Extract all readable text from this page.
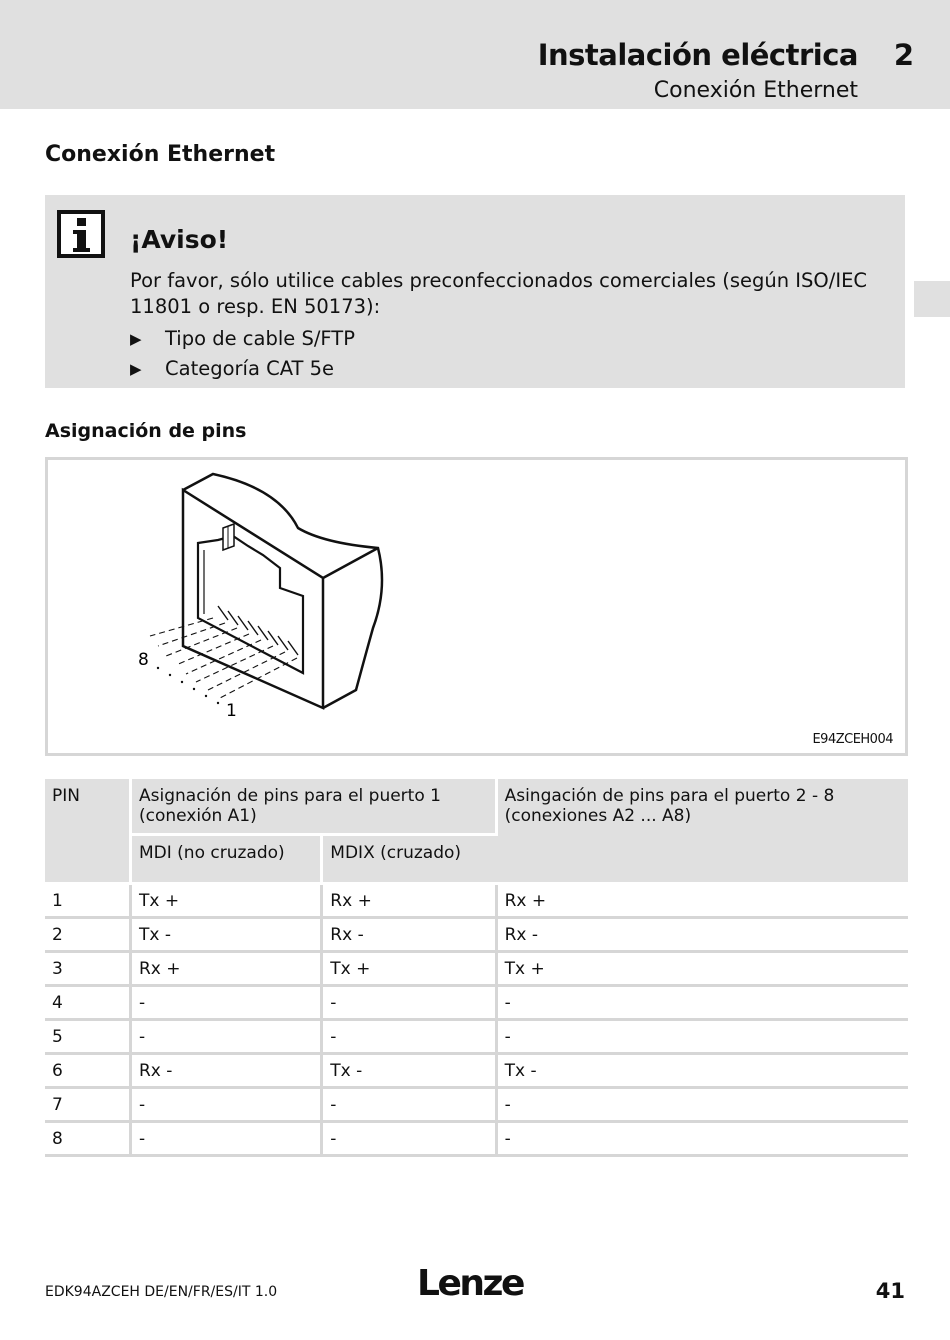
Instalación eléctrica 2
Conexión Ethernet
Conexión Ethernet
¡Aviso!
Por favor, sólo utilice cables preconfeccionados comerciales (según ISO/IEC 11801 o resp. EN 50173):
▶	Tipo de cable S/FTP
▶	Categoría CAT 5e
Asignación de pins
8
1
E94ZCEH004
PIN	Asignación de pins para el puerto 1 (conexión A1)		Asingación de pins para el puerto 2 - 8 (conexiones A2 ... A8)
	MDI (no cruzado)	MDIX (cruzado)	
1	Tx +	Rx +	Rx +
2	Tx -	Rx -	Rx -
3	Rx +	Tx +	Tx +
4	-	-	-
5	-	-	-
6	Rx -	Tx -	Tx -
7	-	-	-
8	-	-	-
EDK94AZCEH DE/EN/FR/ES/IT 1.0	Lenze	41
